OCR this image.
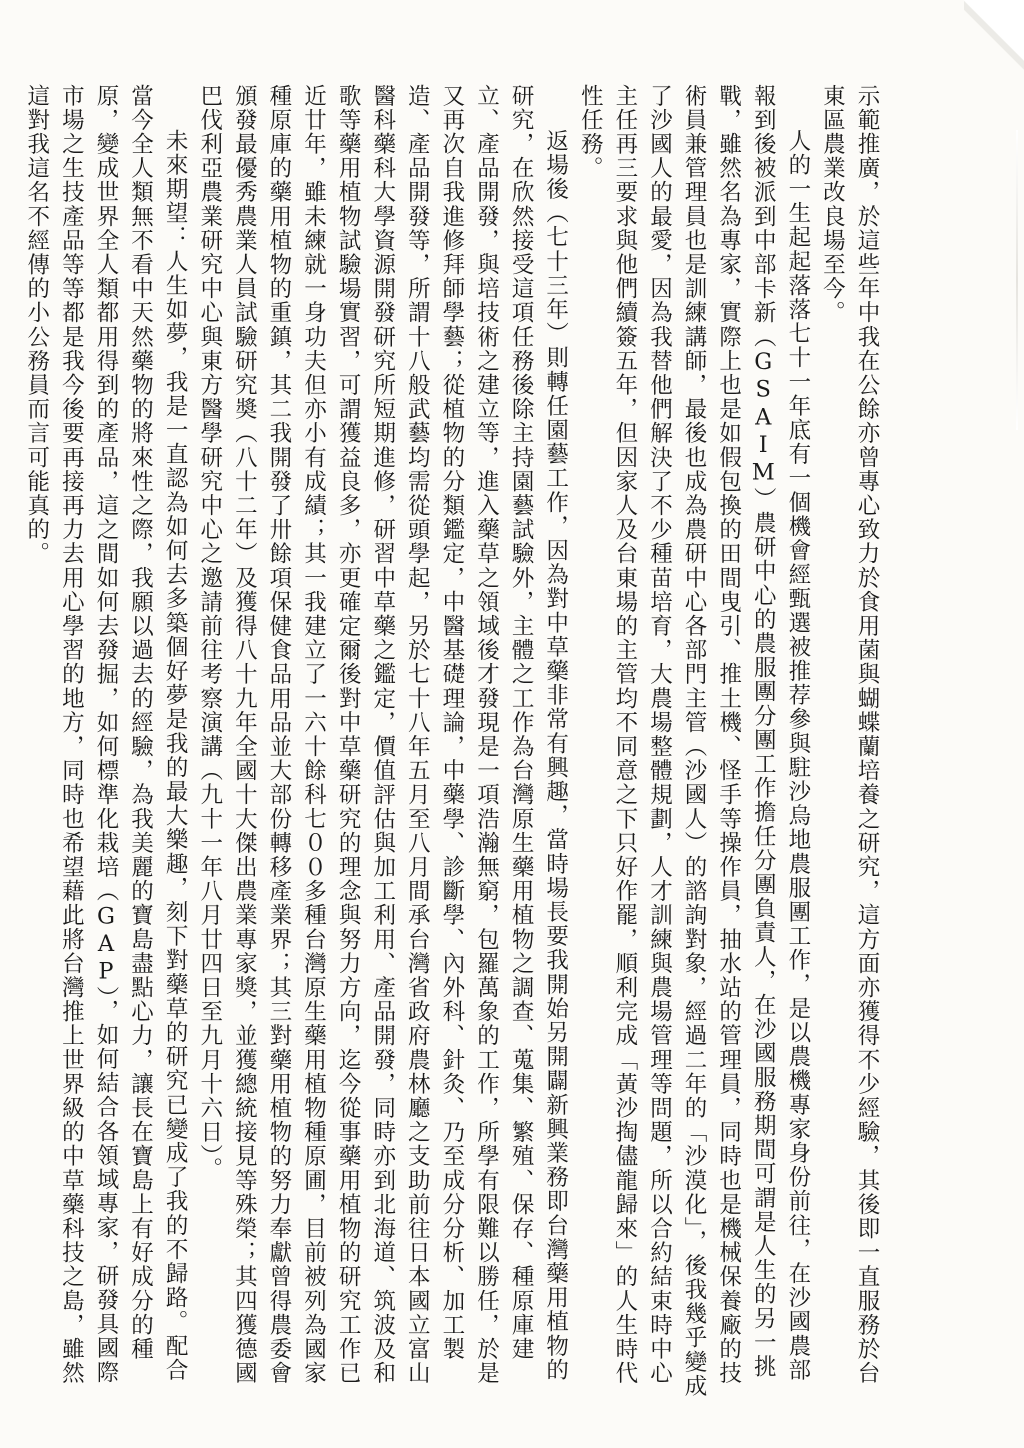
示範推廣，於這些年中我在公餘亦曾專心致力於食用菌與蝴蝶蘭培養之研究，這方面亦獲得不少經驗，其後即一直服務於台東區農業改良場至今。

人的一生起起落落七十一年底有一個機會經甄選被推荐參與駐沙烏地農服團工作，是以農機專家身份前往，在沙國農部報到後被派到中部卡新（GSAIM）農研中心的農服團分團工作擔任分團負責人，在沙國服務期間可謂是人生的另一挑戰，雖然名為專家，實際上也是如假包換的田間曳引、推土機、怪手等操作員，抽水站的管理員，同時也是機械保養廠的技術員兼管理員也是訓練講師，最後也成為農研中心各部門主管（沙國人）的諮詢對象，經過二年的「沙漠化」，後我幾乎變成了沙國人的最愛，因為我替他們解決了不少種苗培育，大農場整體規劃，人才訓練與農場管理等問題，所以合約結束時中心主任再三要求與他們續簽五年，但因家人及台東場的主管均不同意之下只好作罷，順利完成「黃沙掏儘龍歸來」的人生時代性任務。

返場後（七十三年）則轉任園藝工作，因為對中草藥非常有興趣，當時場長要我開始另開闢新興業務即台灣藥用植物的研究，在欣然接受這項任務後除主持園藝試驗外，主體之工作為台灣原生藥用植物之調查、蒐集、繁殖、保存、種原庫建立、產品開發，與培技術之建立等，進入藥草之領域後才發現是一項浩瀚無窮，包羅萬象的工作，所學有限難以勝任，於是又再次自我進修拜師學藝；從植物的分類鑑定，中醫基礎理論，中藥學、診斷學、內外科、針灸、乃至成分分析、加工製造、產品開發等，所謂十八般武藝均需從頭學起，另於七十八年五月至八月間承台灣省政府農林廳之支助前往日本國立富山醫科藥科大學資源開發研究所短期進修，研習中草藥之鑑定，價值評估與加工利用、產品開發，同時亦到北海道、筑波及和歌等藥用植物試驗場實習，可謂獲益良多，亦更確定爾後對中草藥研究的理念與努力方向，迄今從事藥用植物的研究工作已近廿年，雖未練就一身功夫但亦小有成績；其一我建立了一六十餘科七００多種台灣原生藥用植物種原圃，目前被列為國家種原庫的藥用植物的重鎮，其二我開發了卅餘項保健食品用品並大部份轉移產業界；其三對藥用植物的努力奉獻曾得農委會頒發最優秀農業人員試驗研究奬（八十二年）及獲得八十九年全國十大傑出農業專家獎，並獲總統接見等殊榮；其四獲德國巴伐利亞農業研究中心與東方醫學研究中心之邀請前往考察演講（九十一年八月廿四日至九月十六日）。

未來期望：人生如夢，我是一直認為如何去多築個好夢是我的最大樂趣，刻下對藥草的研究已變成了我的不歸路。配合當今全人類無不看中天然藥物的將來性之際，我願以過去的經驗，為我美麗的寶島盡點心力，讓長在寶島上有好成分的種原，變成世界全人類都用得到的產品，這之間如何去發掘，如何標準化栽培（GAP），如何結合各領域專家，研發具國際市場之生技產品等等都是我今後要再接再力去用心學習的地方，同時也希望藉此將台灣推上世界級的中草藥科技之島，雖然這對我這名不經傳的小公務員而言可能真的。
